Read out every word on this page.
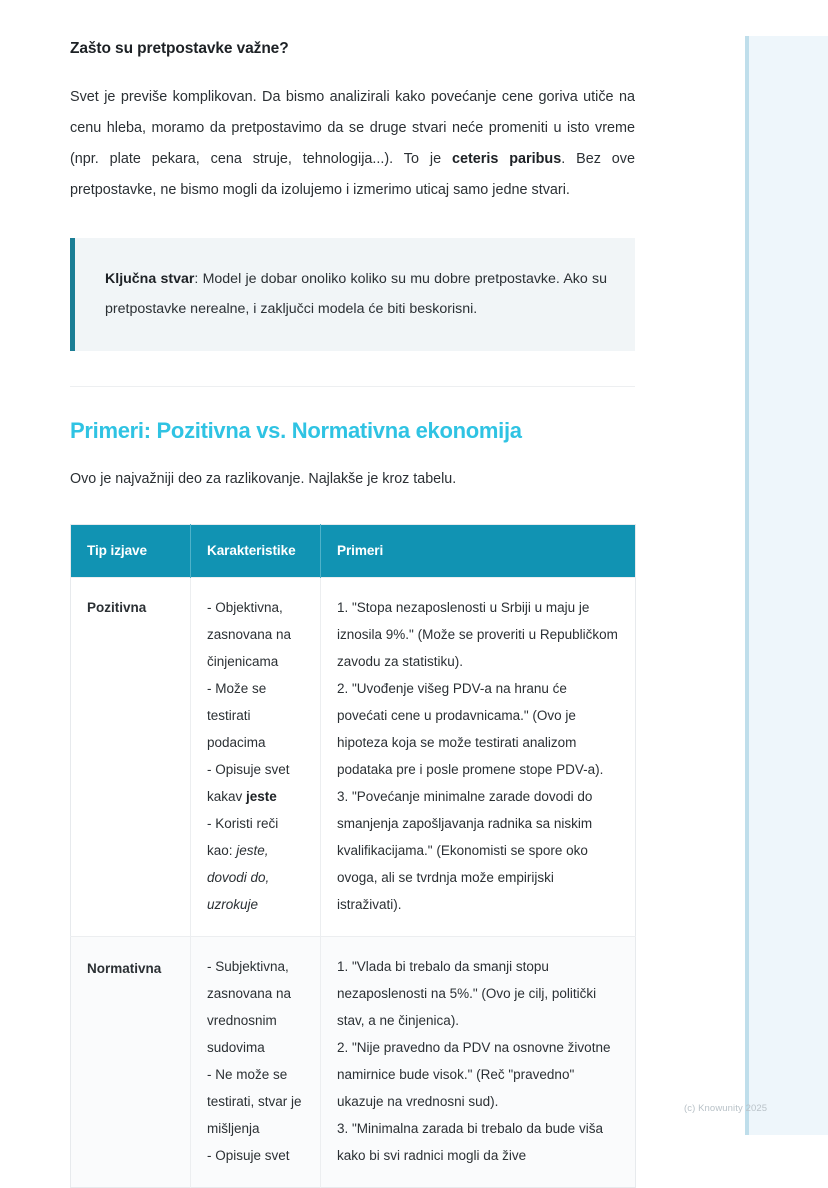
Zašto su pretpostavke važne?

Svet je previše komplikovan. Da bismo analizirali kako povećanje cene goriva utiče na cenu hleba, moramo da pretpostavimo da se druge stvari neće promeniti u isto vreme (npr. plate pekara, cena struje, tehnologija...). To je ceteris paribus. Bez ove pretpostavke, ne bismo mogli da izolujemo i izmerimo uticaj samo jedne stvari.

Ključna stvar: Model je dobar onoliko koliko su mu dobre pretpostavke. Ako su pretpostavke nerealne, i zaključci modela će biti beskorisni.

Primeri: Pozitivna vs. Normativna ekonomija

Ovo je najvažniji deo za razlikovanje. Najlakše je kroz tabelu.

Tip izjave	Karakteristike	Primeri
Pozitivna	- Objektivna, zasnovana na činjenicama
- Može se testirati podacima
- Opisuje svet kakav jeste
- Koristi reči kao: jeste, dovodi do, uzrokuje	1. "Stopa nezaposlenosti u Srbiji u maju je iznosila 9%." (Može se proveriti u Republičkom zavodu za statistiku).
2. "Uvođenje višeg PDV-a na hranu će povećati cene u prodavnicama." (Ovo je hipoteza koja se može testirati analizom podataka pre i posle promene stope PDV-a).
3. "Povećanje minimalne zarade dovodi do smanjenja zapošljavanja radnika sa niskim kvalifikacijama." (Ekonomisti se spore oko ovoga, ali se tvrdnja može empirijski istraživati).
Normativna	- Subjektivna, zasnovana na vrednosnim sudovima
- Ne može se testirati, stvar je mišljenja
- Opisuje svet	1. "Vlada bi trebalo da smanji stopu nezaposlenosti na 5%." (Ovo je cilj, politički stav, a ne činjenica).
2. "Nije pravedno da PDV na osnovne životne namirnice bude visok." (Reč "pravedno" ukazuje na vrednosni sud).
3. "Minimalna zarada bi trebalo da bude viša kako bi svi radnici mogli da žive
(c) Knowunity 2025
